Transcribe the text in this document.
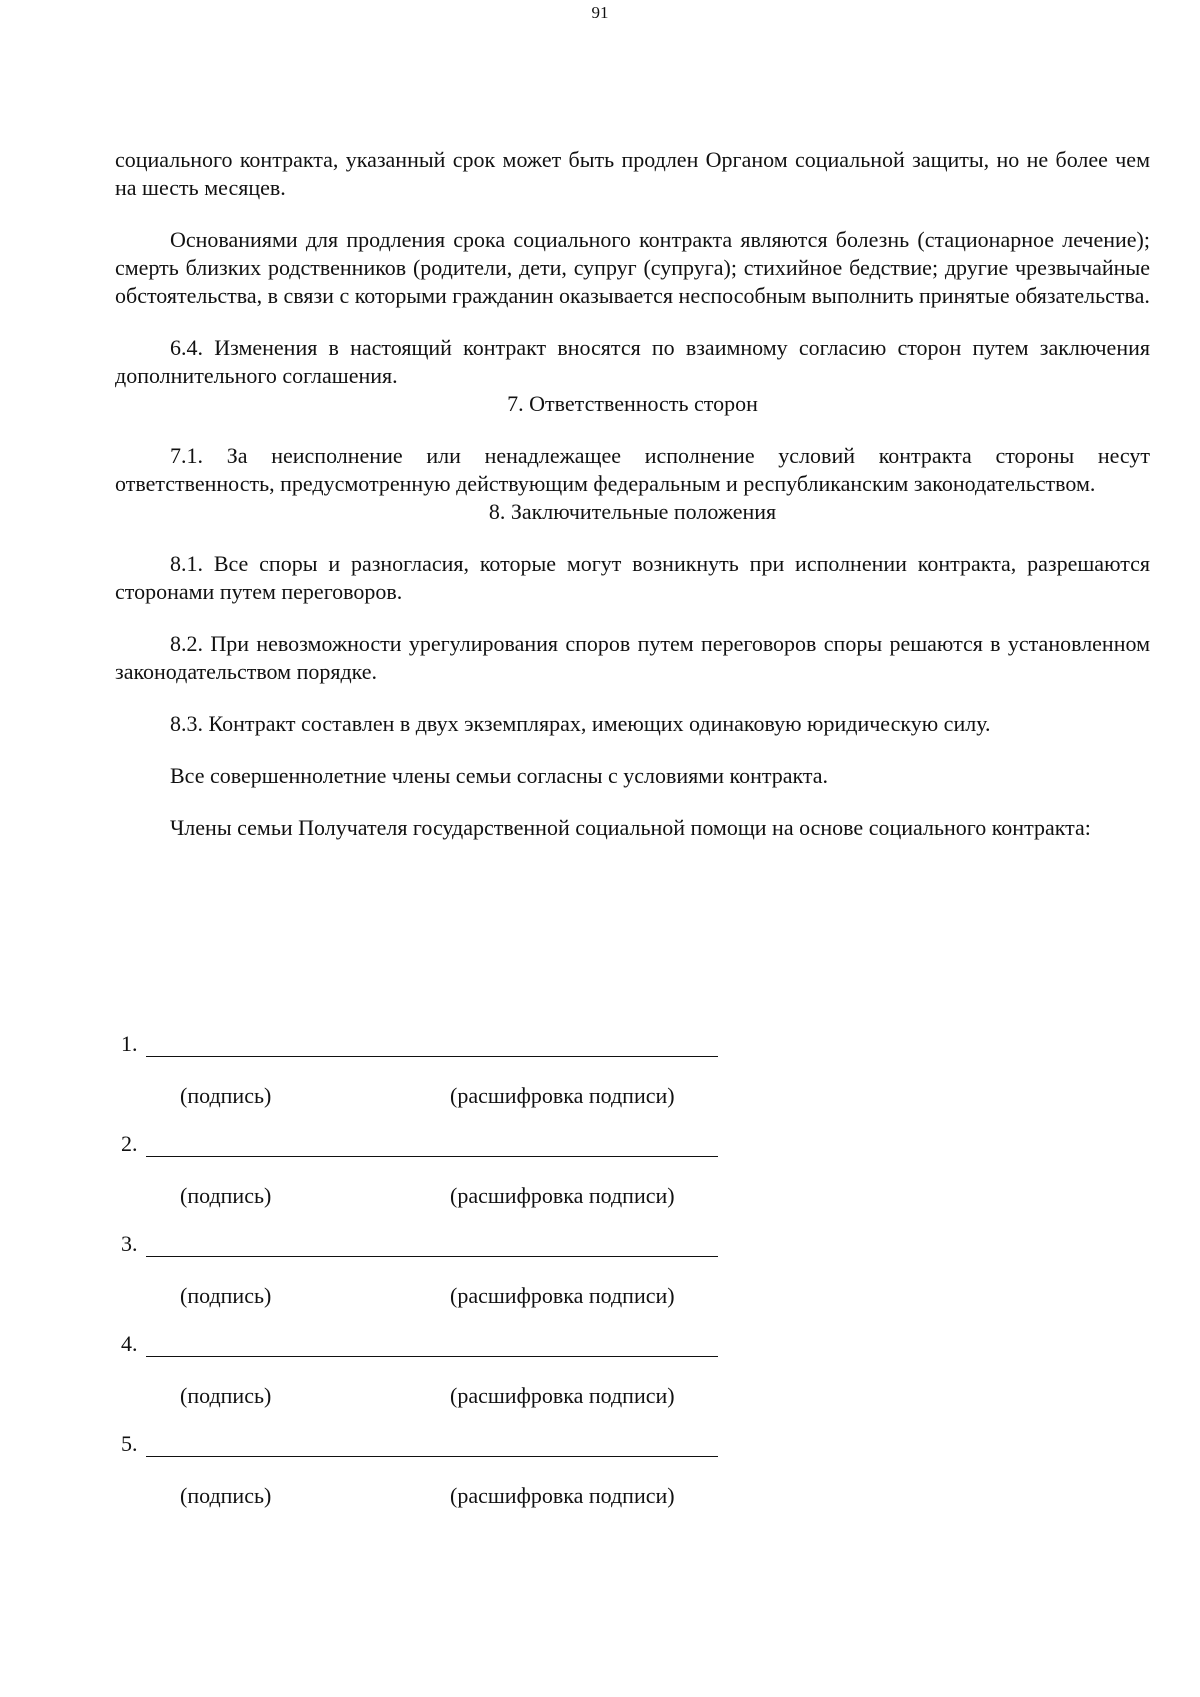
91

социального контракта, указанный срок может быть продлен Органом социальной защиты, но не более чем на шесть месяцев.

Основаниями для продления срока социального контракта являются болезнь (стационарное лечение); смерть близких родственников (родители, дети, супруг (супруга); стихийное бедствие; другие чрезвычайные обстоятельства, в связи с которыми гражданин оказывается неспособным выполнить принятые обязательства.

6.4. Изменения в настоящий контракт вносятся по взаимному согласию сторон путем заключения дополнительного соглашения.

7. Ответственность сторон

7.1. За неисполнение или ненадлежащее исполнение условий контракта стороны несут ответственность, предусмотренную действующим федеральным и республиканским законодательством.

8. Заключительные положения

8.1. Все споры и разногласия, которые могут возникнуть при исполнении контракта, разрешаются сторонами путем переговоров.

8.2. При невозможности урегулирования споров путем переговоров споры решаются в установленном законодательством порядке.

8.3. Контракт составлен в двух экземплярах, имеющих одинаковую юридическую силу.

Все совершеннолетние члены семьи согласны с условиями контракта.

Члены семьи Получателя государственной социальной помощи на основе социального контракта:

1.
(подпись)	(расшифровка подписи)
2.
(подпись)	(расшифровка подписи)
3.
(подпись)	(расшифровка подписи)
4.
(подпись)	(расшифровка подписи)
5.
(подпись)	(расшифровка подписи)
